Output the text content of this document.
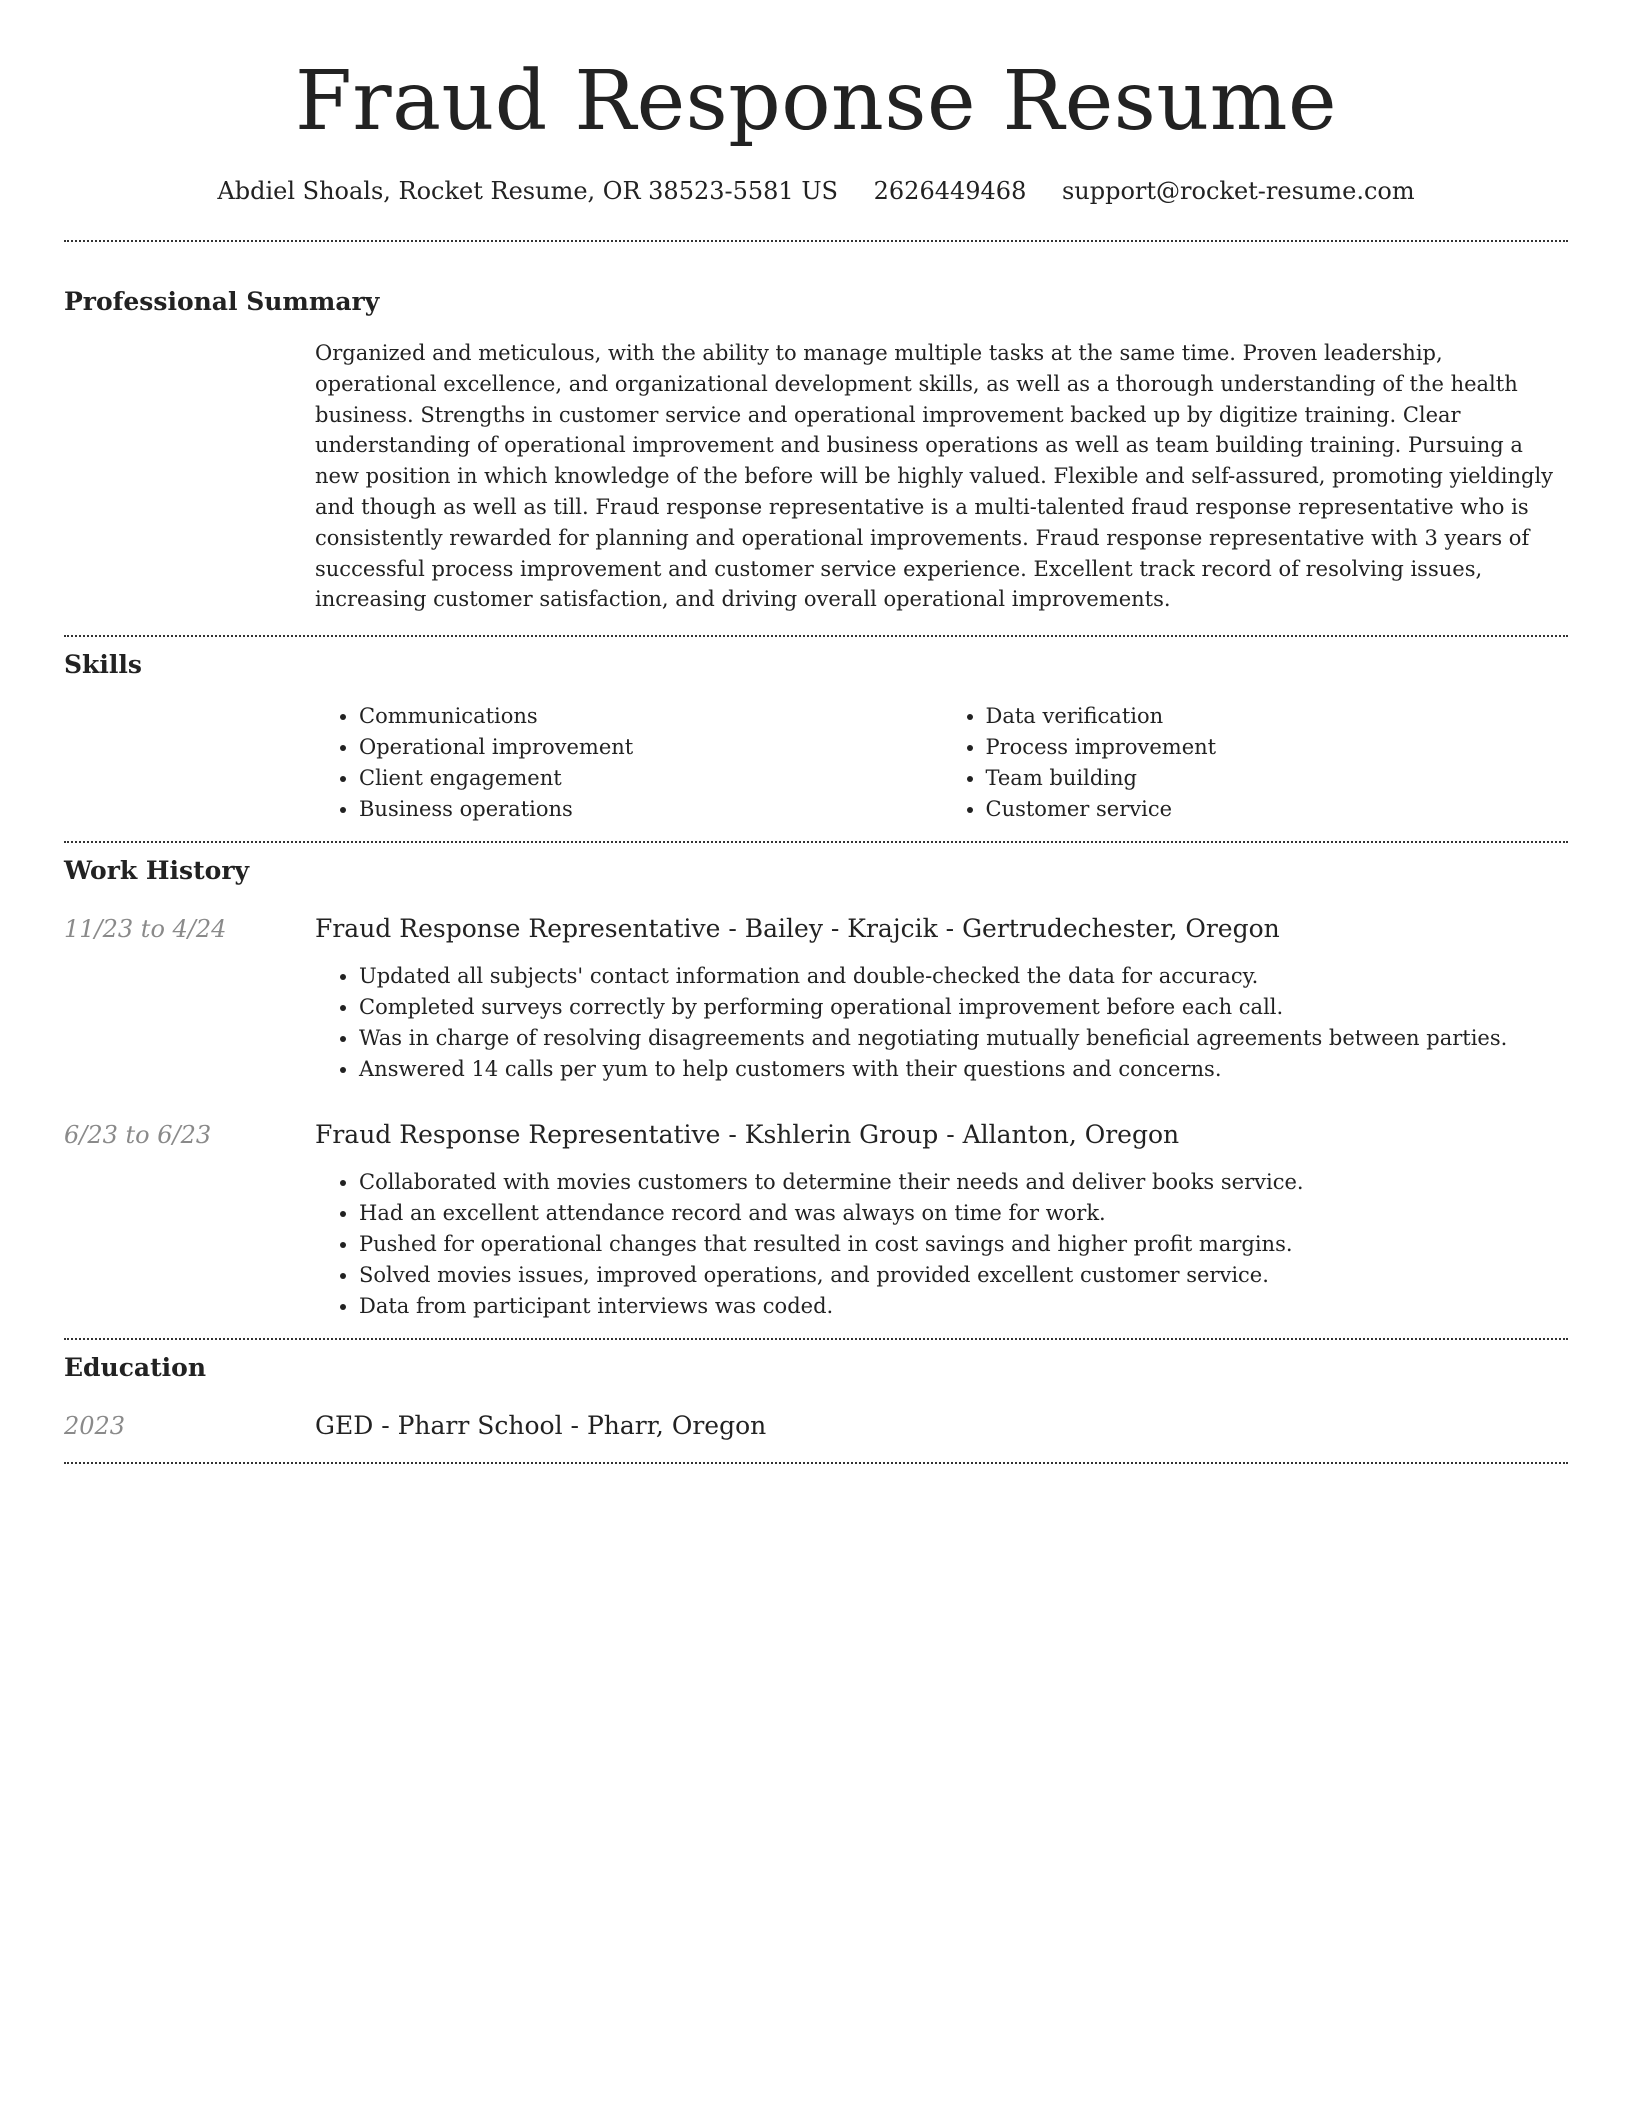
Fraud Response Resume
Abdiel Shoals, Rocket Resume, OR 38523-5581 US 2626449468 support@rocket-resume.com
Professional Summary

Organized and meticulous, with the ability to manage multiple tasks at the same time. Proven leadership, operational excellence, and organizational development skills, as well as a thorough understanding of the health business. Strengths in customer service and operational improvement backed up by digitize training. Clear understanding of operational improvement and business operations as well as team building training. Pursuing a new position in which knowledge of the before will be highly valued. Flexible and self-assured, promoting yieldingly and though as well as till. Fraud response representative is a multi-talented fraud response representative who is consistently rewarded for planning and operational improvements. Fraud response representative with 3 years of successful process improvement and customer service experience. Excellent track record of resolving issues, increasing customer satisfaction, and driving overall operational improvements.

Skills
• Communications
• Operational improvement
• Client engagement
• Business operations
• Data verification
• Process improvement
• Team building
• Customer service
Work History
11/23 to 4/24	Fraud Response Representative - Bailey - Krajcik - Gertrudechester, Oregon
• Updated all subjects' contact information and double-checked the data for accuracy.
• Completed surveys correctly by performing operational improvement before each call.
• Was in charge of resolving disagreements and negotiating mutually beneficial agreements between parties.
• Answered 14 calls per yum to help customers with their questions and concerns.
6/23 to 6/23	Fraud Response Representative - Kshlerin Group - Allanton, Oregon
• Collaborated with movies customers to determine their needs and deliver books service.
• Had an excellent attendance record and was always on time for work.
• Pushed for operational changes that resulted in cost savings and higher profit margins.
• Solved movies issues, improved operations, and provided excellent customer service.
• Data from participant interviews was coded.
Education
2023	GED - Pharr School - Pharr, Oregon
